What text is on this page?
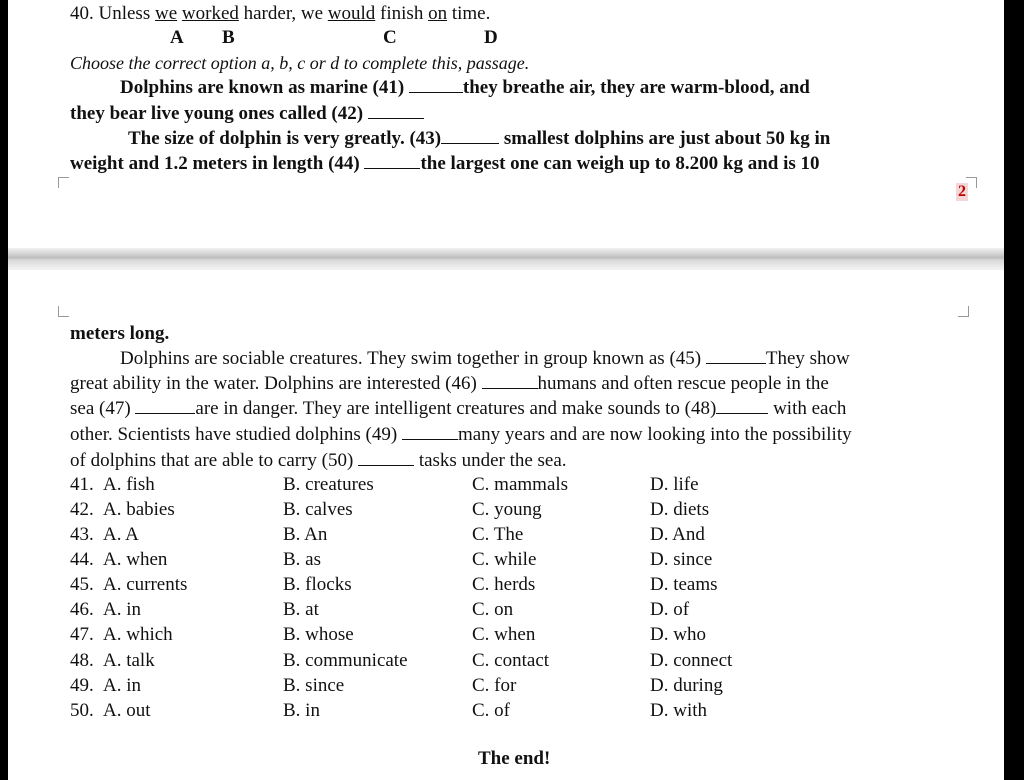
40. Unless we worked harder, we would finish on time.
A B	C	D
Choose the correct option a, b, c or d to complete this, passage.
Dolphins are known as marine (41)	they breathe air, they are warm-blood, and
they bear live young ones called (42)
The size of dolphin is very greatly. (43)	smallest dolphins are just about 50 kg in
weight and 1.2 meters in length (44)	the largest one can weigh up to 8.200 kg and is 10
2
meters long.
Dolphins are sociable creatures. They swim together in group known as (45)	They show
great ability in the water. Dolphins are interested (46)	humans and often rescue people in the
sea (47)	are in danger. They are intelligent creatures and make sounds to (48)	with each
other. Scientists have studied dolphins (49)	many years and are now looking into the possibility
of dolphins that are able to carry (50)	tasks under the sea.
41. A. fish	B. creatures	C. mammals	D. life
42. A. babies	B. calves	C. young	D. diets
43. A. A	B. An	C. The	D. And
44. A. when	B. as	C. while	D. since
45. A. currents	B. flocks	C. herds	D. teams
46. A. in	B. at	C. on	D. of
47. A. which	B. whose	C. when	D. who
48. A. talk	B. communicate	C. contact	D. connect
49. A. in	B. since	C. for	D. during
50. A. out	B. in	C. of	D. with
The end!
